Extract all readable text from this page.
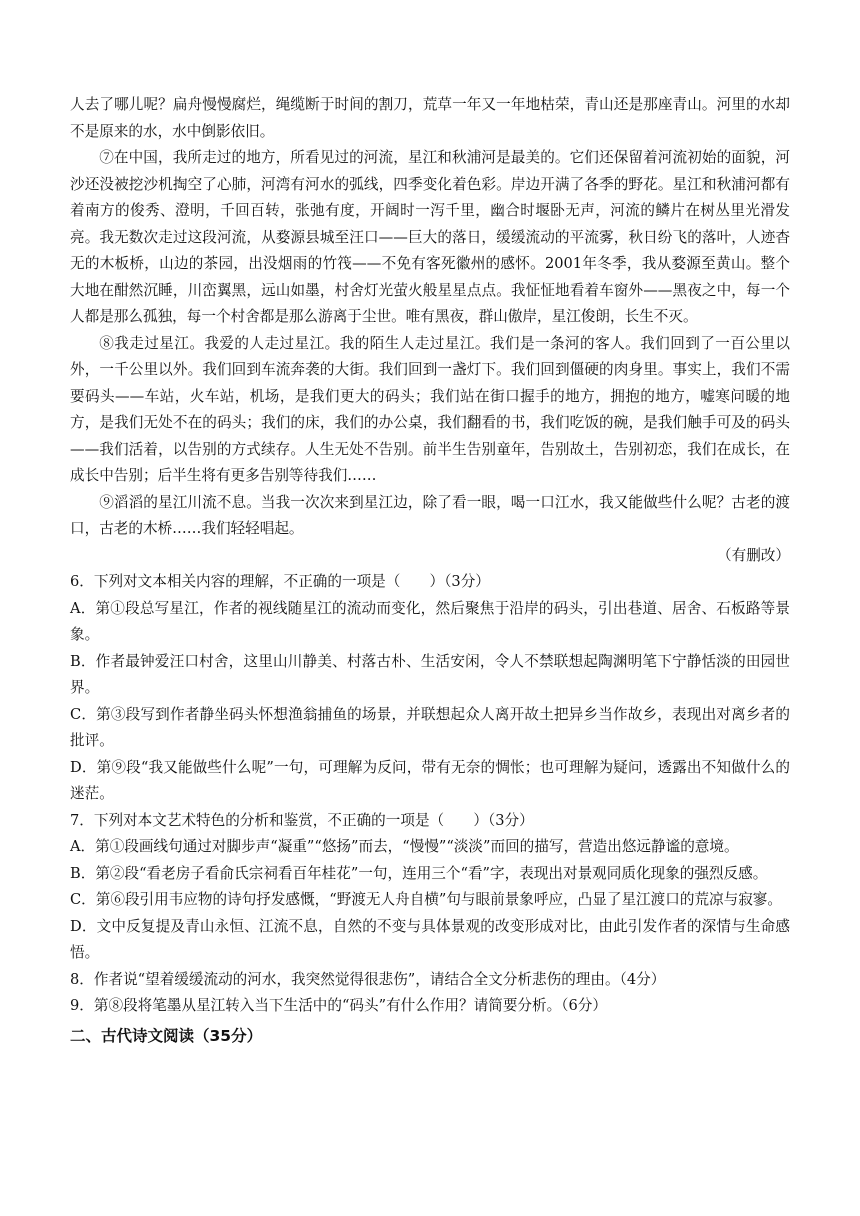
人去了哪儿呢？扁舟慢慢腐烂，绳缆断于时间的割刀，荒草一年又一年地枯荣，青山还是那座青山。河里的水却不是原来的水，水中倒影依旧。

⑦在中国，我所走过的地方，所看见过的河流，星江和秋浦河是最美的。它们还保留着河流初始的面貌，河沙还没被挖沙机掏空了心肺，河湾有河水的弧线，四季变化着色彩。岸边开满了各季的野花。星江和秋浦河都有着南方的俊秀、澄明，千回百转，张弛有度，开阔时一泻千里，幽合时堰卧无声，河流的鳞片在树丛里光滑发亮。我无数次走过这段河流，从婺源县城至汪口——巨大的落日，缓缓流动的平流雾，秋日纷飞的落叶，人迹杳无的木板桥，山边的茶园，出没烟雨的竹筏——不免有客死徽州的感怀。2001年冬季，我从婺源至黄山。整个大地在酣然沉睡，川峦翼黑，远山如墨，村舍灯光萤火般星星点点。我怔怔地看着车窗外——黑夜之中，每一个人都是那么孤独，每一个村舍都是那么游离于尘世。唯有黑夜，群山傲岸，星江俊朗，长生不灭。

⑧我走过星江。我爱的人走过星江。我的陌生人走过星江。我们是一条河的客人。我们回到了一百公里以外，一千公里以外。我们回到车流奔袭的大街。我们回到一盏灯下。我们回到僵硬的肉身里。事实上，我们不需要码头——车站，火车站，机场，是我们更大的码头；我们站在街口握手的地方，拥抱的地方，嘘寒问暖的地方，是我们无处不在的码头；我们的床，我们的办公桌，我们翻看的书，我们吃饭的碗，是我们触手可及的码头——我们活着，以告别的方式续存。人生无处不告别。前半生告别童年，告别故土，告别初恋，我们在成长，在成长中告别；后半生将有更多告别等待我们……

⑨滔滔的星江川流不息。当我一次次来到星江边，除了看一眼，喝一口江水，我又能做些什么呢？古老的渡口，古老的木桥……我们轻轻唱起。

（有删改）

6．下列对文本相关内容的理解，不正确的一项是（　　）（3分）

A．第①段总写星江，作者的视线随星江的流动而变化，然后聚焦于沿岸的码头，引出巷道、居舍、石板路等景象。

B．作者最钟爱汪口村舍，这里山川静美、村落古朴、生活安闲，令人不禁联想起陶渊明笔下宁静恬淡的田园世界。

C．第③段写到作者静坐码头怀想渔翁捕鱼的场景，并联想起众人离开故土把异乡当作故乡，表现出对离乡者的批评。

D．第⑨段“我又能做些什么呢”一句，可理解为反问，带有无奈的惆怅；也可理解为疑问，透露出不知做什么的迷茫。

7．下列对本文艺术特色的分析和鉴赏，不正确的一项是（　　）（3分）

A．第①段画线句通过对脚步声“凝重”“悠扬”而去，“慢慢”“淡淡”而回的描写，营造出悠远静谧的意境。

B．第②段“看老房子看俞氏宗祠看百年桂花”一句，连用三个“看”字，表现出对景观同质化现象的强烈反感。

C．第⑥段引用韦应物的诗句抒发感慨，“野渡无人舟自横”句与眼前景象呼应，凸显了星江渡口的荒凉与寂寥。

D．文中反复提及青山永恒、江流不息，自然的不变与具体景观的改变形成对比，由此引发作者的深情与生命感悟。

8．作者说“望着缓缓流动的河水，我突然觉得很悲伤”，请结合全文分析悲伤的理由。（4分）

9．第⑧段将笔墨从星江转入当下生活中的“码头”有什么作用？请简要分析。（6分）

二、古代诗文阅读（35分）
